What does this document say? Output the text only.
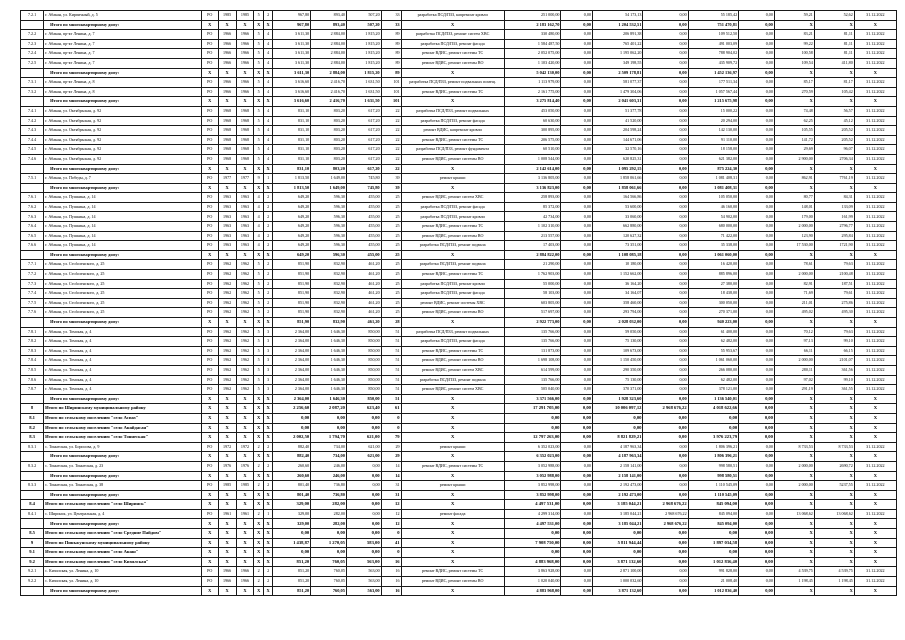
7.2.1	г. Абакан, ул. Кирпичный, д. 5	РО	1985	1985	5	2	967,80	893,40	507,20	33	разработка ПСД/ПЗЗ, капремонт кровли	251 000,00	0,00	54 173,13	0,00	55 185,42	0,00	59,21	52,62	31.12.2022
	Итого по многоквартирному дому:	X	X	X	X	X	967,80	893,40	507,20	33	X	2 183 162,70	0,00	1 204 532,51	0,00	751 470,81	0,00	X	X	X
7.2.2	г. Абакан, пр-кт Ленина, д. 7	РО	1966	1966	5	4	3 611,30	2 884,00	1 815,20	89	разработка ПСД/ПЗЗ, ремонт систем ХВС	330 480,00	0,00	206 891,38	0,00	109 512,50	0,00	83,21	81,11	31.12.2022
7.2.3	г. Абакан, пр-кт Ленина, д. 7	РО	1966	1966	5	4	3 611,30	2 884,00	1 815,20	89	разработка ПСД/ПЗЗ, ремонт фасада	1 584 487,50	0,00	765 401,22	0,00	491 003,09	0,00	99,22	81,11	31.12.2022
7.2.4	г. Абакан, пр-кт Ленина, д. 7	РО	1966	1966	5	4	3 611,30	2 884,00	1 815,20	89	ремонт ВДИС, ремонт системы ТС	2 052 075,00	0,00	1 195 062,20	0,00	788 904,02	0,00	100,58	81,11	31.12.2022
7.2.5	г. Абакан, пр-кт Ленина, д. 7	РО	1966	1966	5	4	3 611,30	2 884,00	1 815,20	89	ремонт ВДИС, ремонт системы ВО	1 103 420,00	0,00	349 198,55	0,00	435 909,72	0,00	109,54	411,80	31.12.2022
	Итого по многоквартирному дому:	X	X	X	X	X	3 611,30	2 884,00	1 815,20	89	X	5 042 130,00	0,00	2 509 178,81	0,00	1 452 136,97	0,00	X	X	X
7.3.1	г. Абакан, пр-кт Ленина, д. 8	РО	1966	1966	5	4	3 616,60	2 416,70	1 631,50	101	разработка ПСД/ПЗЗ, ремонт подвальных помещ.	1 113 979,00	0,00	581 077,37	0,00	177 511,34	0,00	85,17	81,17	31.12.2022
7.3.2	г. Абакан, пр-кт Ленина, д. 8	РО	1966	1966	5	4	3 616,60	2 416,70	1 631,50	101	ремонт ВДИС, ремонт системы ТС	2 161 775,00	0,00	1 479 304,06	0,00	1 057 567,44	0,00	270,59	105,42	31.12.2022
	Итого по многоквартирному дому:	X	X	X	X	X	3 616,60	2 416,70	1 631,50	101	X	3 275 814,40	0,00	2 041 603,31	0,00	1 215 675,98	0,00	X	X	X
7.4.1	г. Абакан, ул. Октябрьская, д. 92	РО	1968	1968	5	4	831,10	803,20	617,20	22	разработка ПСД/ПЗЗ, ремонт подвальных	453 050,00	0,00	51 377,78	0,00	15 000,22	0,00	74,48	56,57	31.12.2022
7.4.2	г. Абакан, ул. Октябрьская, д. 92	РО	1968	1968	5	4	831,10	803,20	617,20	22	разработка ПСД/ПЗЗ, ремонт фасада	60 630,00	0,00	41 520,00	0,00	20 294,00	0,00	62,25	45,12	31.12.2022
7.4.3	г. Абакан, ул. Октябрьская, д. 92	РО	1968	1968	5	4	831,10	803,20	617,20	22	ремонт ВДИС, капремонт кровли	300 895,00	0,00	204 598,24	0,00	142 130,00	0,00	105,55	205,52	31.12.2022
7.4.4	г. Абакан, ул. Октябрьская, д. 92	РО	1968	1968	5	4	831,10	803,20	617,20	22	ремонт ВДИС, ремонт системы ТС	206 575,00	0,00	144 671,06	0,00	91 110,00	0,00	141,72	205,52	31.12.2022
7.4.5	г. Абакан, ул. Октябрьская, д. 92	РО	1968	1968	5	4	831,10	803,20	617,20	22	разработка ПСД/ПЗЗ, ремонт фундамента	60 510,00	0,00	32 570,16	0,00	18 158,00	0,00	29,69	96,07	31.12.2022
7.4.6	г. Абакан, ул. Октябрьская, д. 92	РО	1968	1968	5	4	831,10	803,20	617,20	22	ремонт ВДИС, ремонт системы ВО	1 008 544,00	0,00	620 825,31	0,00	621 382,00	0,00	2 900,00	2706,34	31.12.2022
	Итого по многоквартирному дому:	X	X	X	X	X	831,10	803,20	617,20	22	X	2 142 614,00	0,00	1 095 292,15	0,00	875 224,30	0,00	X	X	X
7.5.1	г. Абакан, ул. Победы, д. 7	РО	1977	1977	9	1	1 813,50	1 649,00	745,80	39	ремонт крыши	3 136 805,00	0,00	1 858 061,66	0,00	1 081 408,31	0,00	862,91	7761,19	31.12.2022
	Итого по многоквартирному дому:	X	X	X	X	X	1 813,50	1 649,00	745,80	39	X	3 136 823,00	0,00	1 858 061,66	0,00	1 081 408,31	0,00	X	X	X
7.6.1	г. Абакан, ул. Пушкина, д. 14	РО	1963	1963	4	2	649,20	596,30	455,00	25	ремонт ВДИС, ремонт систем ХВС	258 893,00	0,00	164 566,86	0,00	105 050,00	0,00	80,77	84,31	31.12.2022
7.6.2	г. Абакан, ул. Пушкина, д. 14	РО	1963	1963	4	2	649,20	596,30	455,00	25	разработка ПСД/ПЗЗ, ремонт фасада	85 372,00	0,00	53 600,00	0,00	46 160,00	0,00	148,01	133,09	31.12.2022
7.6.3	г. Абакан, ул. Пушкина, д. 14	РО	1963	1963	4	2	649,20	596,30	455,00	25	разработка ПСД/ПЗЗ, ремонт кровли	42 734,00	0,00	33 060,00	0,00	54 902,00	0,00	179,00	161,99	31.12.2022
7.6.4	г. Абакан, ул. Пушкина, д. 14	РО	1963	1963	4	2	649,20	596,30	455,00	25	ремонт ВДИС, ремонт системы ТС	1 102 310,00	0,00	662 880,00	0,00	680 000,00	0,00	2 000,00	2796,77	31.12.2022
7.6.5	г. Абакан, ул. Пушкина, д. 14	РО	1963	1963	4	2	649,20	596,30	455,00	25	ремонт ВДИС, ремонт системы ВО	213 557,00	0,00	120 627,32	0,00	71 422,00	0,00	123,90	295,84	31.12.2022
7.6.6	г. Абакан, ул. Пушкина, д. 14	РО	1963	1963	4	2	649,20	596,30	455,00	25	разработка ПСД/ПЗЗ, ремонт подвала	17 403,00	0,00	73 351,00	0,00	35 338,00	0,00	17 530,00	1721,90	31.12.2022
	Итого по многоквартирному дому:	X	X	X	X	X	649,20	596,30	455,00	25	X	2 884 822,00	0,00	1 108 085,18	0,00	1 061 060,00	0,00	X	X	X
7.7.1	г. Абакан, ул. Стofоленского, д. 25	РО	1962	1962	5	2	851,90	832,90	461,20	25	разработка ПСД/ПЗЗ, ремонт подвала	21 290,00	0,00	10 180,00	0,00	16 420,00	0,00	78,61	79,63	31.12.2022
7.7.2	г. Абакан, ул. Стofоленского, д. 25	РО	1962	1962	5	2	851,90	832,90	461,20	25	ремонт ВДИС, ремонт системы ТС	1 762 903,00	0,00	1 152 662,00	0,00	885 896,00	0,00	2 000,00	2100,48	31.12.2022
7.7.3	г. Абакан, ул. Стofоленского, д. 25	РО	1962	1962	5	2	851,90	832,90	461,20	25	разработка ПСД/ПЗЗ, ремонт кровли	55 000,00	0,00	36 164,20	0,00	27 380,00	0,00	82,91	187,51	31.12.2022
7.7.4	г. Абакан, ул. Стofоленского, д. 25	РО	1962	1962	5	2	851,90	832,90	461,20	25	разработка ПСД/ПЗЗ, ремонт фасада	58 103,00	0,00	34 164,07	0,00	18 438,00	0,00	71,69	79,61	31.12.2022
7.7.5	г. Абакан, ул. Стofоленского, д. 25	РО	1962	1962	5	2	851,90	832,90	461,20	25	ремонт ВДИС, ремонт системы ХВС	603 805,00	0,00	358 460,00	0,00	300 050,00	0,00	211,01	275,86	31.12.2022
7.7.6	г. Абакан, ул. Стofоленского, д. 25	РО	1962	1962	5	2	851,90	832,90	461,20	25	ремонт ВДИС, ремонт системы ВО	517 697,00	0,00	293 794,00	0,00	270 371,00	0,00	495,02	495,30	31.12.2022
	Итого по многоквартирному дому:	X	X	X	X	X	851,90	832,90	461,20	28	X	2 922 773,00	0,00	2 028 032,00	0,00	940 223,00	0,00	X	X	X
7.8.1	г. Абакан, ул. Томская, д. 4	РО	1962	1962	5	3	2 364,00	1 646,30	850,00	51	разработка ПСД/ПЗЗ, ремонт подвальных	135 766,00	0,00	59 050,00	0,00	61 400,00	0,00	70,12	79,63	31.12.2022
7.8.2	г. Абакан, ул. Томская, д. 4	РО	1962	1962	5	3	2 364,00	1 646,30	850,00	51	разработка ПСД/ПЗЗ, ремонт фасада	135 766,00	0,00	75 130,00	0,00	62 482,00	0,00	97,13	99,10	31.12.2022
7.8.3	г. Абакан, ул. Томская, д. 4	РО	1962	1962	5	3	2 364,00	1 646,30	850,00	51	ремонт ВДИС, ремонт системы ТС	131 873,00	0,00	109 673,00	0,00	55 953,67	0,00	66,11	66,15	31.12.2022
7.8.4	г. Абакан, ул. Томская, д. 4	РО	1962	1962	5	3	2 364,00	1 646,30	850,00	51	ремонт ВДИС, ремонт системы ВО	1 698 108,00	0,00	1 150 450,00	0,00	1 061 060,00	0,00	2 000,00	2101,07	31.12.2022
7.8.5	г. Абакан, ул. Томская, д. 4	РО	1962	1962	5	3	2 364,00	1 646,30	850,00	51	ремонт ВДИС, ремонт систем ХВС	614 599,00	0,00	290 350,00	0,00	266 080,00	0,00	280,11	361,56	31.12.2022
7.8.6	г. Абакан, ул. Томская, д. 4	РО	1962	1962	5	3	2 364,00	1 646,30	850,00	51	разработка ПСД/ПЗЗ, ремонт подвала	135 766,00	0,00	75 130,00	0,00	62 482,00	0,00	97,02	99,10	31.12.2022
7.8.7	г. Абакан, ул. Томская, д. 4	РО	1962	1962	5	3	2 364,00	1 646,30	850,00	51	ремонт ВДИС, ремонт систем ХВС	505 040,00	0,00	370 371,00	0,00	378 121,00	0,00	291,19	361,55	31.12.2022
	Итого по многоквартирному дому:	X	X	X	X	X	2 364,00	1 646,30	850,00	51	X	3 371 566,00	0,00	1 928 323,60	0,00	1 136 540,01	0,00	X	X	X
8	Итого по Ширинскому муниципальному району	X	X	X	X	X	2 256,60	2 087,20	623,40	61	X	17 291 705,00	0,00	10 006 097,12	2 968 676,22	4 018 622,66	0,00	X	X	X
8.1	Итого по сельскому поселению "село Аспаз"	X	X	X	X	X	0,00	0,00	0,00	0	X	0,00	0,00	0,00	0,00	0,00	0,00	X	X	X
8.2	Итого по сельскому поселению "село Анайдасан"	X	X	X	X	X	0,00	0,00	0,00	0	X	0,00	0,00	0,00	0,00	0,00	0,00	X	X	X
8.3	Итого по сельскому поселению "село Тоннеская"	X	X	X	X	X	2 002,50	1 794,70	621,00	79	X	12 797 263,00	0,00	8 821 829,21	0,00	3 976 223,79	0,00	X	X	X
8.3.1	с. Тоннеская, ул. Борисова, д. 9	РО	1972	1972	2	2	882,40	734,00	621,00	29	ремонт крыши	6 352 023,00	0,00	4 187 963,34	0,00	1 806 396,21	0,00	8 733,53	8 733,53	31.12.2022
	Итого по многоквартирному дому:	X	X	X	X	X	882,40	734,00	621,00	29	X	6 352 023,00	0,00	4 187 963,34	0,00	1 806 396,21	0,00	X	X	X
8.3.2	с. Тоннеская, ул. Тоннеская, д. 23	РО	1976	1976	2	2	260,60	246,00	0,00	14	ремонт ВДИС, ремонт системы ТС	3 052 988,00	0,00	2 158 141,00	0,00	998 580,51	0,00	2 000,00	2690,72	31.12.2022
	Итого по многоквартирному дому:	X	X	X	X	X	260,60	246,00	0,00	14	X	3 052 988,00	0,00	2 158 141,00	0,00	998 580,51	0,00	X	X	X
8.3.3	с. Тоннеская, ул. Тоннеская, д. 38	РО	1985	1985	2	2	801,40	736,80	0,00	31	ремонт крыши	3 852 998,00	0,00	2 192 473,00	0,00	1 110 545,09	0,00	2 000,00	5237,55	31.12.2022
	Итого по многоквартирному дому:	X	X	X	X	X	801,40	736,80	0,00	31	X	3 852 998,00	0,00	2 192 473,00	0,00	1 110 545,09	0,00	X	X	X
8.4	Итого по сельскому поселению "село Ширинск"	X	X	X	X	X	329,00	282,00	0,00	12	X	4 497 531,00	0,00	3 185 044,21	2 968 676,22	845 094,00	0,00	X	X	X
8.4.1	с. Ширинск, ул. Центральная, д. 4	РО	1961	1961	2	1	329,00	282,00	0,00	12	ремонт фасада	4 299 314,00	0,00	3 185 044,21	2 968 676,22	845 094,00	0,00	13 068,62	13 068,62	31.12.2022
	Итого по многоквартирному дому:	X	X	X	X	X	329,00	282,00	0,00	12	X	4 497 531,00	0,00	3 185 044,21	2 968 676,22	845 094,00	0,00	X	X	X
8.5	Итого по сельскому поселению "село Средние Пайдим"	X	X	X	X	X	0,00	0,00	0,00	0	X	0,00	0,00	0,00	0,00	0,00	0,00	X	X	X
9	Итого по Пиньжунскому муниципальному району	X	X	X	X	X	1 438,87	1 270,05	583,00	41	X	7 908 750,00	0,00	5 811 944,44	0,00	1 897 034,58	0,00	X	X	X
9.1	Итого по сельскому поселению "село Анаш"	X	X	X	X	X	0,00	0,00	0,00	0	X	0,00	0,00	0,00	0,00	0,00	0,00	X	X	X
9.2	Итого по сельскому поселению "село Кизилская"	X	X	X	X	X	851,20	760,05	563,00	16	X	4 883 968,00	0,00	3 871 132,60	0,00	1 012 836,40	0,00	X	X	X
9.2.1	с. Кизилская, ул. Ленина, д. 10	РО	1966	1966	2	2	851,20	760,05	563,00	16	ремонт ВДИС, ремонт системы ТС	3 863 928,00	0,00	2 871 100,00	0,00	991 828,00	0,00	4 539,75	4 539,75	31.12.2022
9.2.2	с. Кизилская, ул. Ленина, д. 10	РО	1966	1966	2	2	851,20	760,05	563,00	16	ремонт ВДИС, ремонт системы ВО	1 020 040,00	0,00	1 000 032,60	0,00	21 008,40	0,00	1 198,45	1 198,45	31.12.2022
	Итого по многоквартирному дому:	X	X	X	X	X	851,20	760,05	563,00	16	X	4 883 968,00	0,00	3 871 132,60	0,00	1 012 836,40	0,00	X	X	X
